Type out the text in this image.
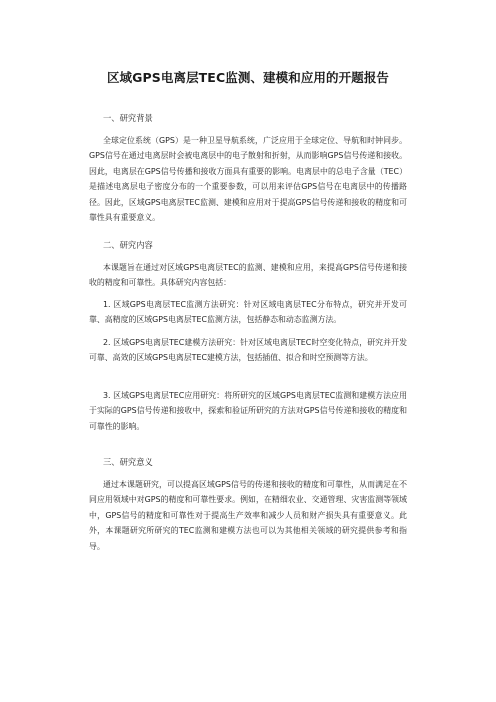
区域GPS电离层TEC监测、建模和应用的开题报告
一、研究背景
全球定位系统（GPS）是一种卫星导航系统，广泛应用于全球定位、导航和时钟同步。GPS信号在通过电离层时会被电离层中的电子散射和折射，从而影响GPS信号传递和接收。因此，电离层在GPS信号传播和接收方面具有重要的影响。电离层中的总电子含量（TEC）是描述电离层电子密度分布的一个重要参数，可以用来评估GPS信号在电离层中的传播路径。因此，区域GPS电离层TEC监测、建模和应用对于提高GPS信号传递和接收的精度和可靠性具有重要意义。
二、研究内容
本课题旨在通过对区域GPS电离层TEC的监测、建模和应用，来提高GPS信号传递和接收的精度和可靠性。具体研究内容包括：
1. 区域GPS电离层TEC监测方法研究：针对区域电离层TEC分布特点，研究并开发可靠、高精度的区域GPS电离层TEC监测方法，包括静态和动态监测方法。
2. 区域GPS电离层TEC建模方法研究：针对区域电离层TEC时空变化特点，研究并开发可靠、高效的区域GPS电离层TEC建模方法，包括插值、拟合和时空预测等方法。
3. 区域GPS电离层TEC应用研究：将所研究的区域GPS电离层TEC监测和建模方法应用于实际的GPS信号传递和接收中，探索和验证所研究的方法对GPS信号传递和接收的精度和可靠性的影响。
三、研究意义
通过本课题研究，可以提高区域GPS信号的传递和接收的精度和可靠性，从而满足在不同应用领域中对GPS的精度和可靠性要求。例如，在精细农业、交通管理、灾害监测等领域中，GPS信号的精度和可靠性对于提高生产效率和减少人员和财产损失具有重要意义。此外，本课题研究所研究的TEC监测和建模方法也可以为其他相关领域的研究提供参考和指导。
